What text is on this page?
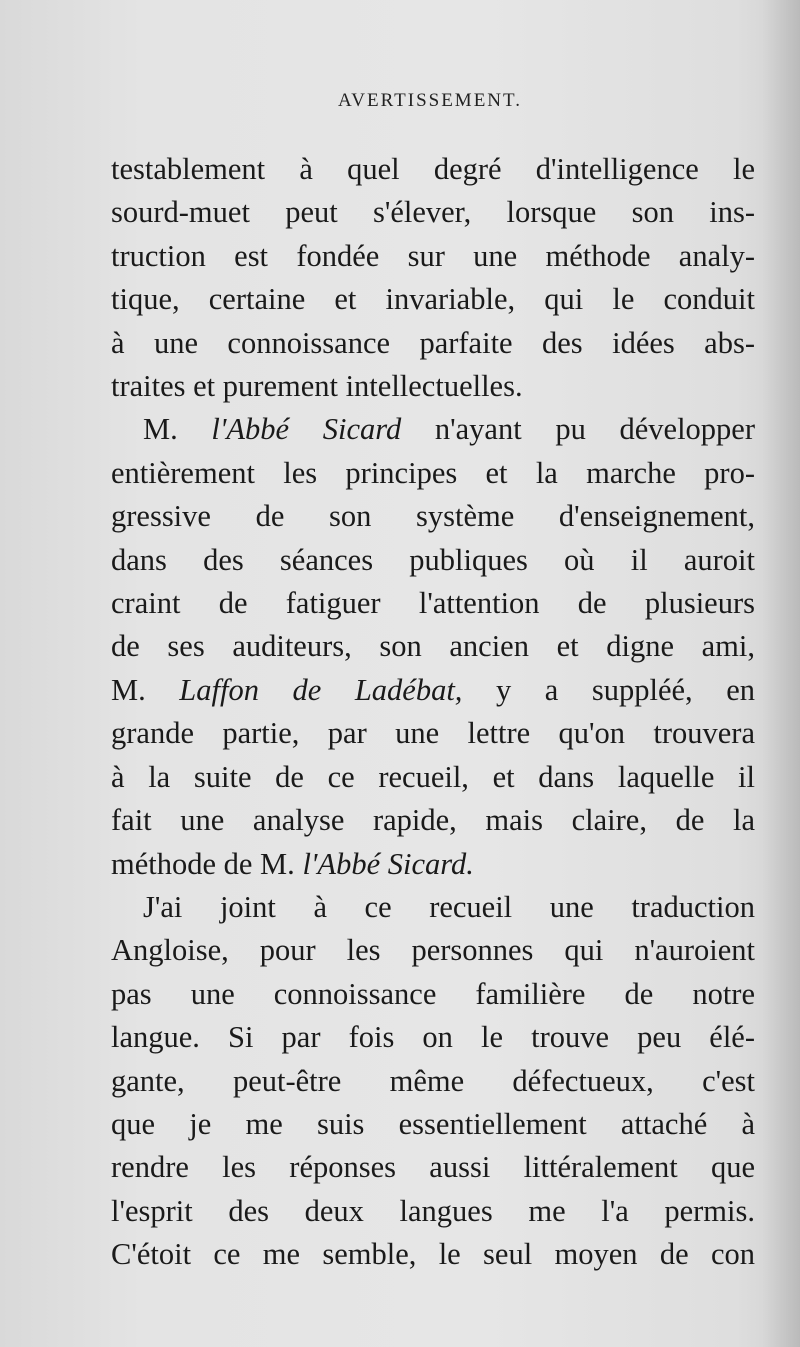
AVERTISSEMENT.

testablement à quel degré d'intelligence le
sourd-muet peut s'élever, lorsque son ins-
truction est fondée sur une méthode analy-
tique, certaine et invariable, qui le conduit
à une connoissance parfaite des idées abs-
traites et purement intellectuelles.

M. l'Abbé Sicard n'ayant pu développer
entièrement les principes et la marche pro-
gressive de son système d'enseignement,
dans des séances publiques où il auroit
craint de fatiguer l'attention de plusieurs
de ses auditeurs, son ancien et digne ami,
M. Laffon de Ladébat, y a suppléé, en
grande partie, par une lettre qu'on trouvera
à la suite de ce recueil, et dans laquelle il
fait une analyse rapide, mais claire, de la
méthode de M. l'Abbé Sicard.

J'ai joint à ce recueil une traduction
Angloise, pour les personnes qui n'auroient
pas une connoissance familière de notre
langue. Si par fois on le trouve peu élé-
gante, peut-être même défectueux, c'est
que je me suis essentiellement attaché à
rendre les réponses aussi littéralement que
l'esprit des deux langues me l'a permis.
C'étoit ce me semble, le seul moyen de con
